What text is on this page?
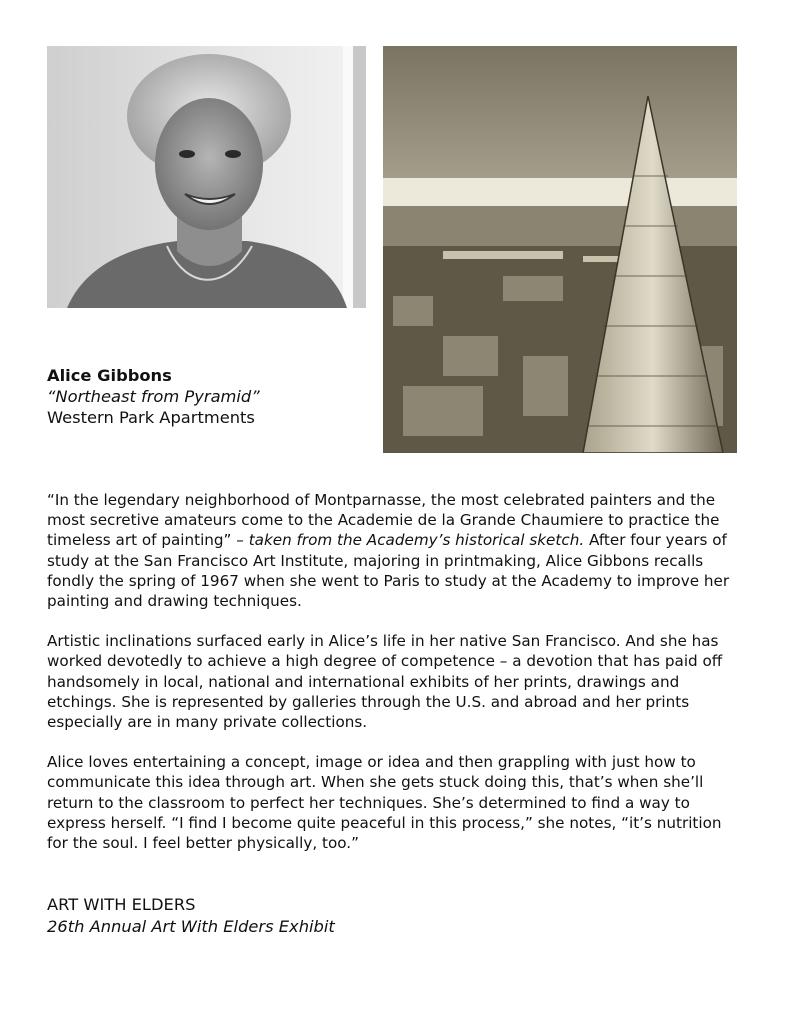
Alice Gibbons
“Northeast from Pyramid”
Western Park Apartments

“In the legendary neighborhood of Montparnasse, the most celebrated painters and the most secretive amateurs come to the Academie de la Grande Chaumiere to practice the timeless art of painting” – taken from the Academy’s historical sketch. After four years of study at the San Francisco Art Institute, majoring in printmaking, Alice Gibbons recalls fondly the spring of 1967 when she went to Paris to study at the Academy to improve her painting and drawing techniques.

Artistic inclinations surfaced early in Alice’s life in her native San Francisco. And she has worked devotedly to achieve a high degree of competence – a devotion that has paid off handsomely in local, national and international exhibits of her prints, drawings and etchings. She is represented by galleries through the U.S. and abroad and her prints especially are in many private collections.

Alice loves entertaining a concept, image or idea and then grappling with just how to communicate this idea through art. When she gets stuck doing this, that’s when she’ll return to the classroom to perfect her techniques. She’s determined to find a way to express herself. “I find I become quite peaceful in this process,” she notes, “it’s nutrition for the soul. I feel better physically, too.”

ART WITH ELDERS
26th Annual Art With Elders Exhibit
